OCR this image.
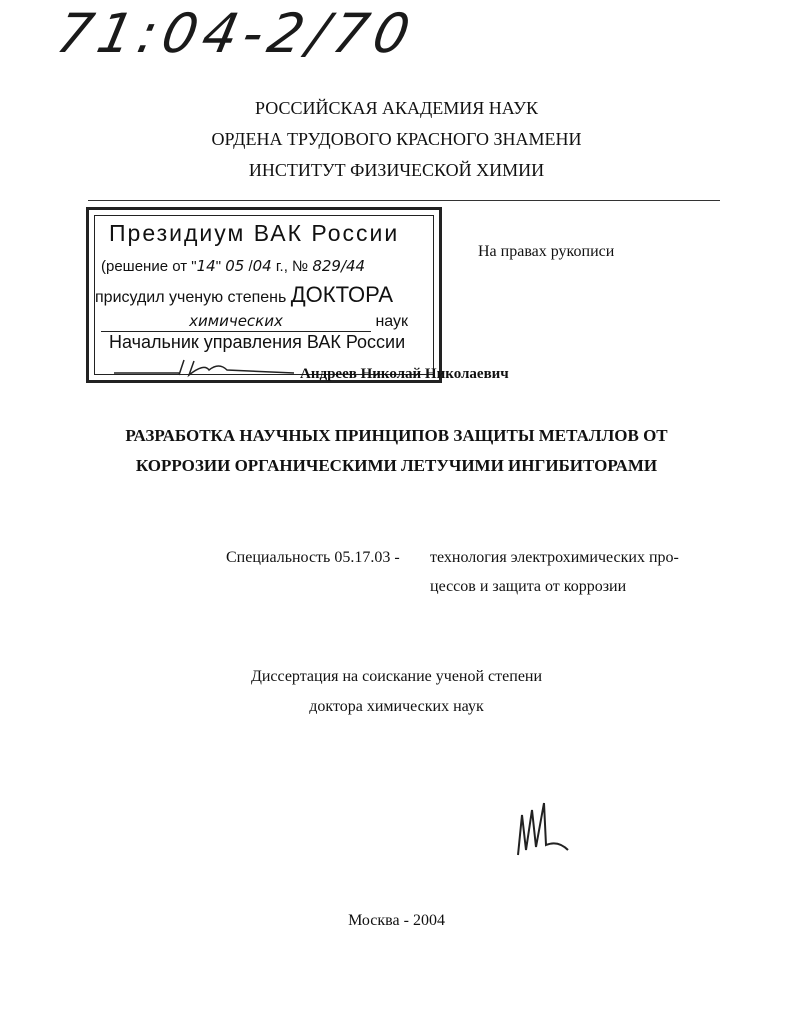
71:04-2/70
РОССИЙСКАЯ АКАДЕМИЯ НАУК
ОРДЕНА ТРУДОВОГО КРАСНОГО ЗНАМЕНИ
ИНСТИТУТ ФИЗИЧЕСКОЙ ХИМИИ
Президиум ВАК России
(решение от "14" 05 /04 г., № 829/44
присудил ученую степень ДОКТОРА
химических	наук
Начальник управления ВАК России
На правах рукописи
Андреев Николай Николаевич
РАЗРАБОТКА НАУЧНЫХ ПРИНЦИПОВ ЗАЩИТЫ МЕТАЛЛОВ ОТ
КОРРОЗИИ ОРГАНИЧЕСКИМИ ЛЕТУЧИМИ ИНГИБИТОРАМИ
Специальность 05.17.03 - технология электрохимических про-
цессов и защита от коррозии
Диссертация на соискание ученой степени
доктора химических наук
Москва - 2004
